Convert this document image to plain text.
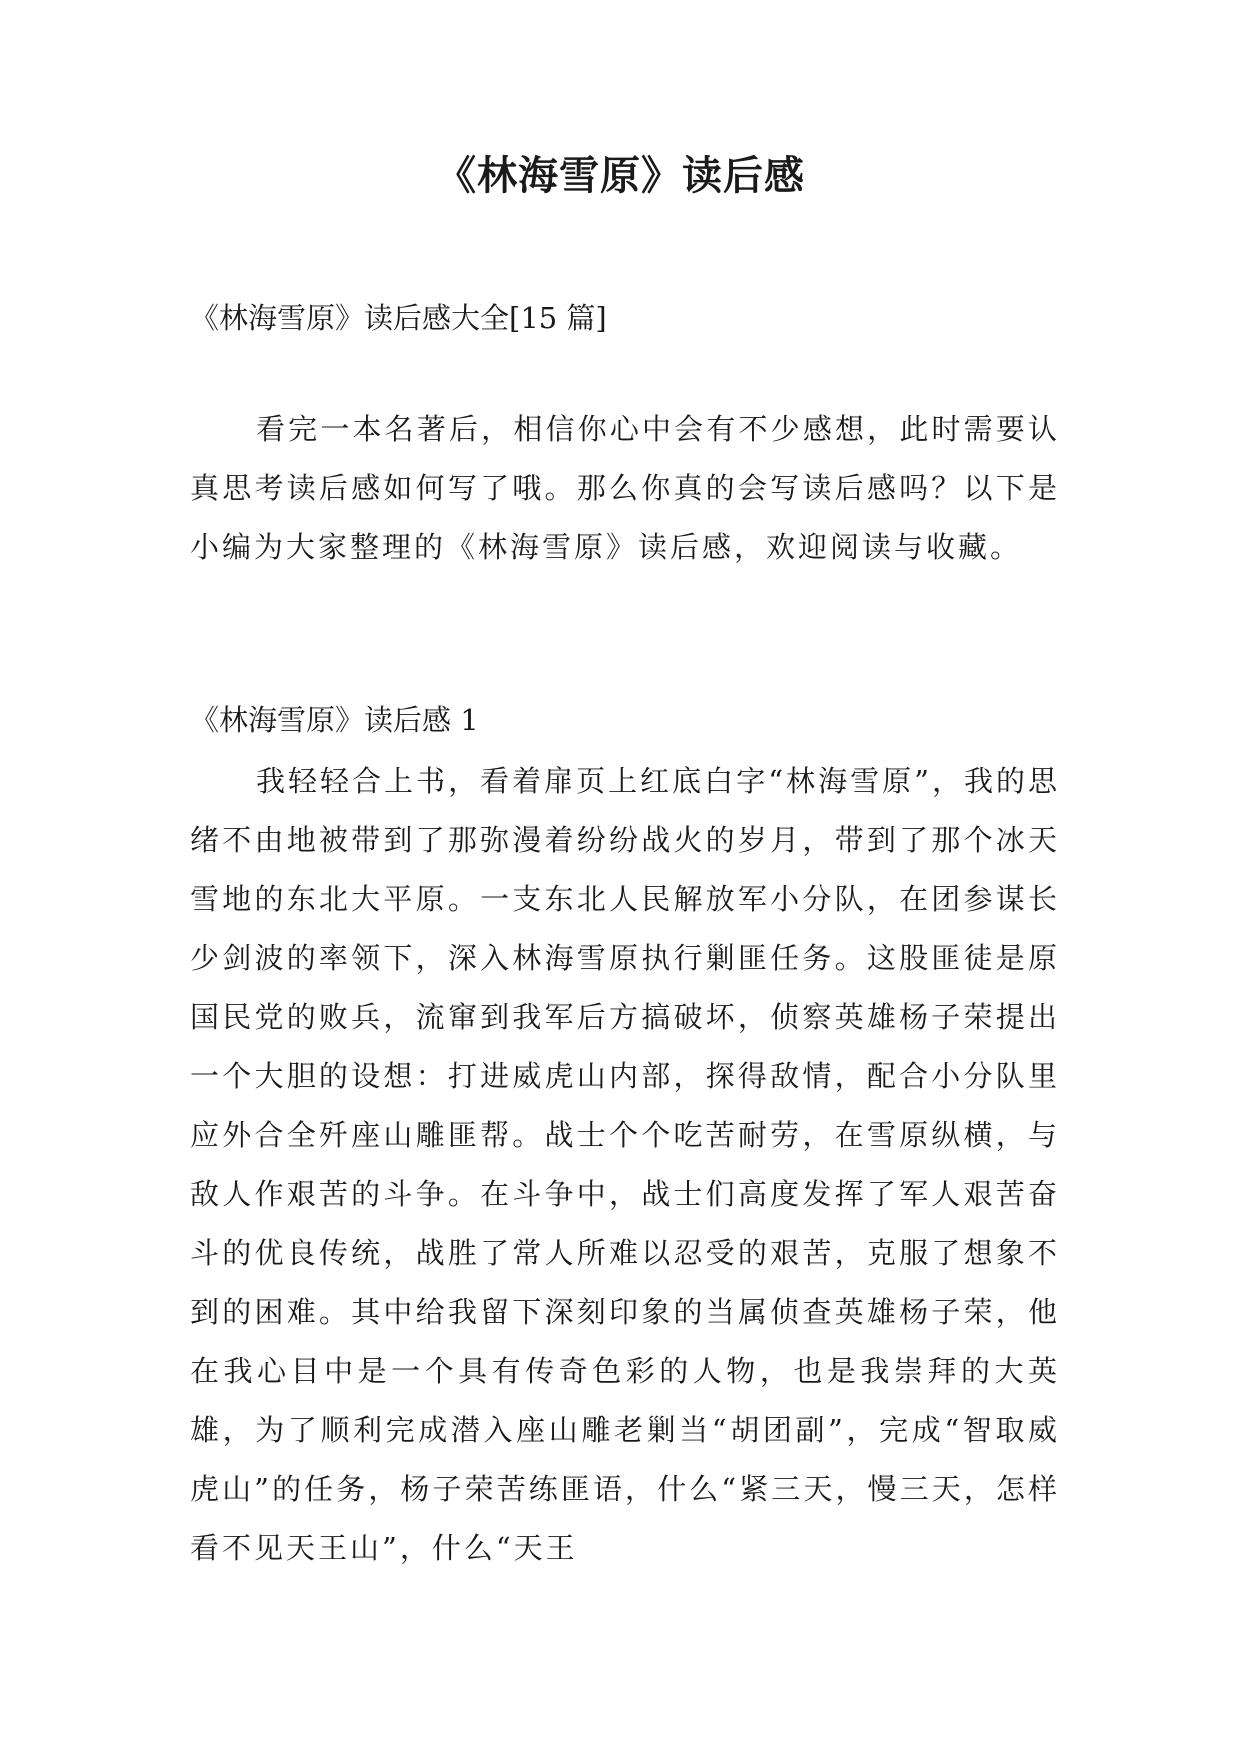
《林海雪原》读后感

《林海雪原》读后感大全[15 篇]

看完一本名著后，相信你心中会有不少感想，此时需要认真思考读后感如何写了哦。那么你真的会写读后感吗？以下是小编为大家整理的《林海雪原》读后感，欢迎阅读与收藏。

《林海雪原》读后感 1

我轻轻合上书，看着扉页上红底白字“林海雪原”，我的思绪不由地被带到了那弥漫着纷纷战火的岁月，带到了那个冰天雪地的东北大平原。一支东北人民解放军小分队，在团参谋长少剑波的率领下，深入林海雪原执行剿匪任务。这股匪徒是原国民党的败兵，流窜到我军后方搞破坏，侦察英雄杨子荣提出一个大胆的设想：打进威虎山内部，探得敌情，配合小分队里应外合全歼座山雕匪帮。战士个个吃苦耐劳，在雪原纵横，与敌人作艰苦的斗争。在斗争中，战士们高度发挥了军人艰苦奋斗的优良传统，战胜了常人所难以忍受的艰苦，克服了想象不到的困难。其中给我留下深刻印象的当属侦查英雄杨子荣，他在我心目中是一个具有传奇色彩的人物，也是我崇拜的大英雄，为了顺利完成潜入座山雕老剿当“胡团副”，完成“智取威虎山”的任务，杨子荣苦练匪语，什么“紧三天，慢三天，怎样看不见天王山”，什么“天王
